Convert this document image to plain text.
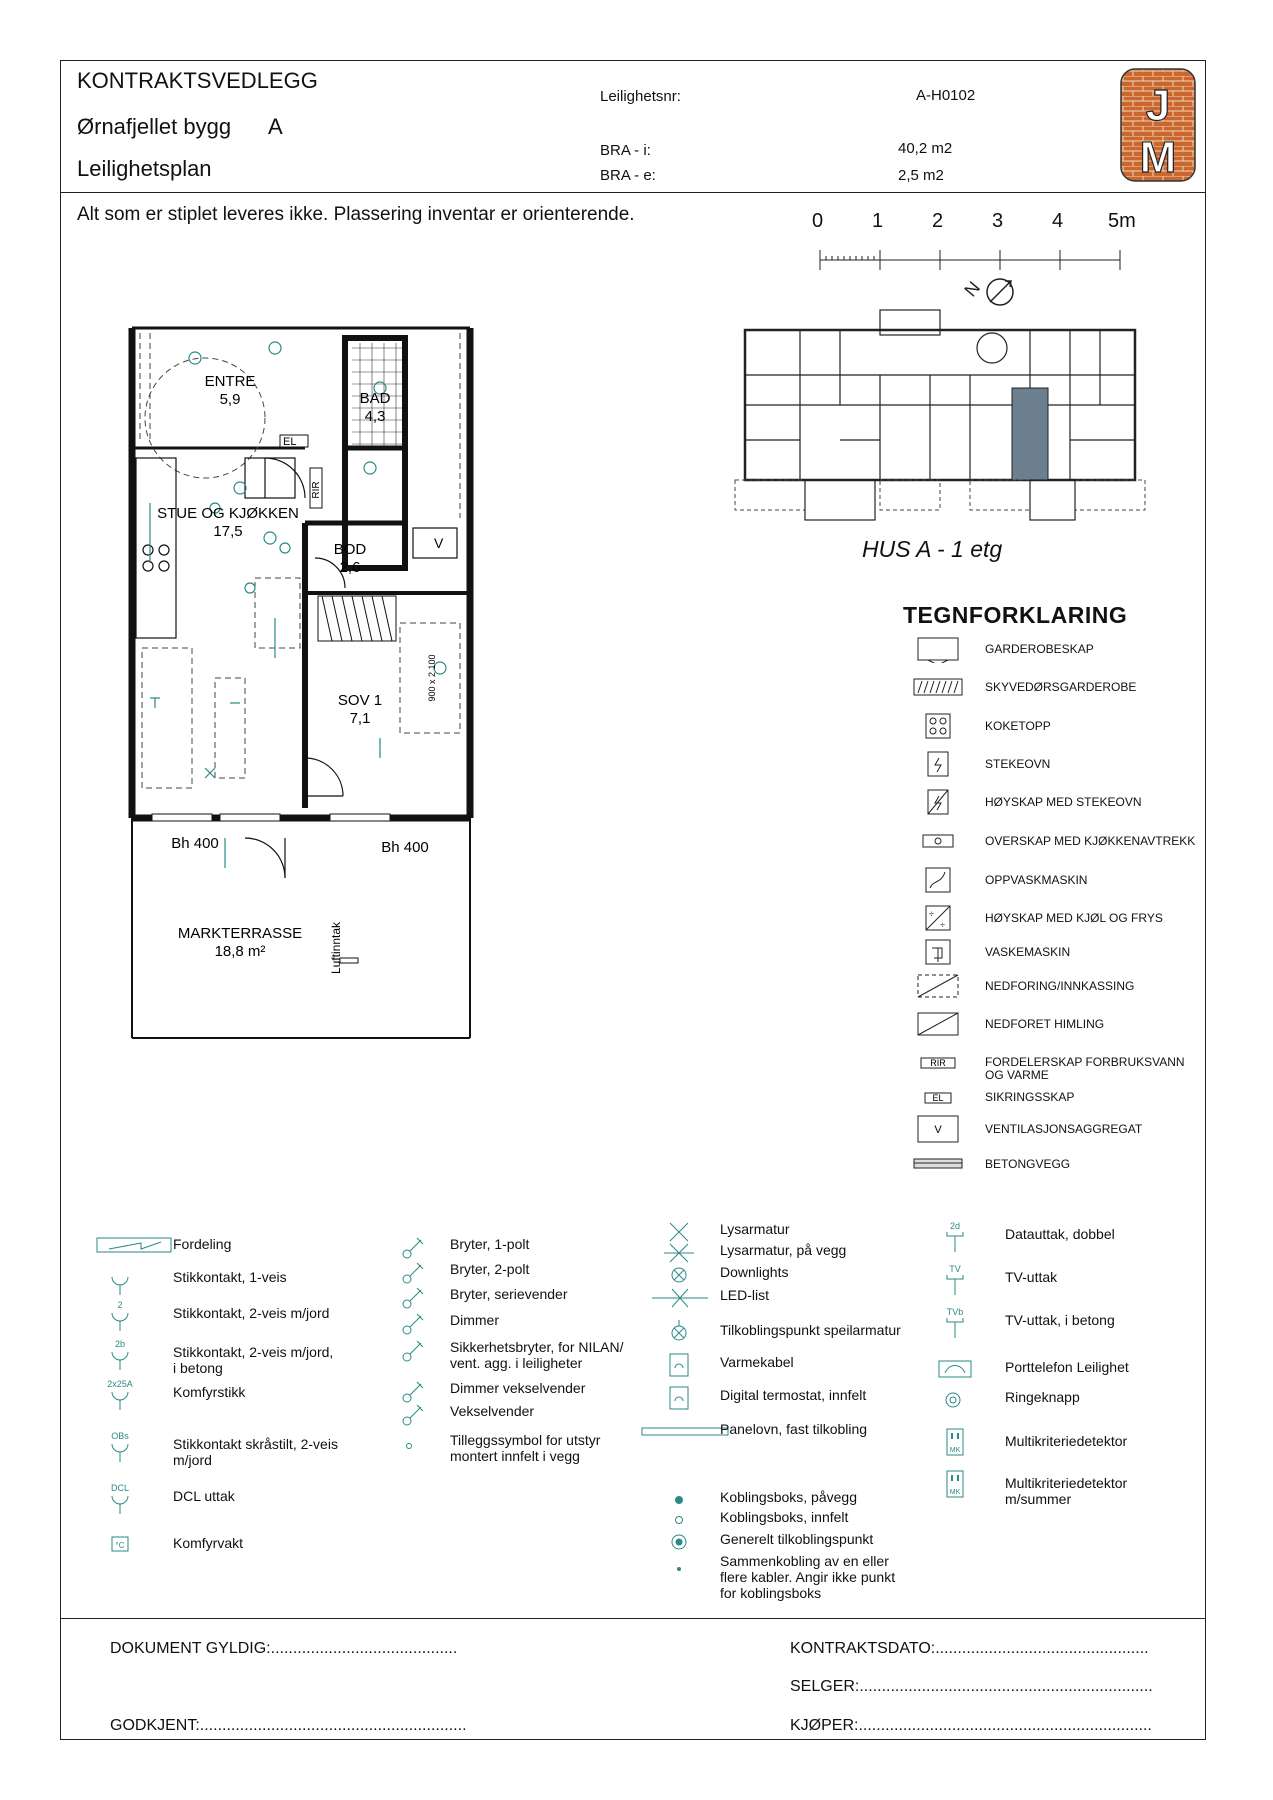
KONTRAKTSVEDLEGG
Ørnafjellet bygg A
Leilighetsplan
Leilighetsnr:	A-H0102
BRA - i:	40,2 m2
BRA - e:	2,5 m2
J
M
Alt som er stiplet leveres ikke. Plassering inventar er orienterende.	0 1 2 3 4 5m
N
HUS A - 1 etg
ENTRE
5,9	BAD
4,3
STUE OG KJØKKEN
17,5
BOD
2,6
SOV 1
7,1
MARKTERRASSE
18,8 m²
EL
RIR
V
Bh 400	Bh 400
Luftinntak
900 x 2 100
TEGNFORKLARING
GARDEROBESKAP
SKYVEDØRSGARDEROBE
KOKETOPP
STEKEOVN
HØYSKAP MED STEKEOVN
OVERSKAP MED KJØKKENAVTREKK
OPPVASKMASKIN
÷
÷	HØYSKAP MED KJØL OG FRYS
VASKEMASKIN
NEDFORING/INNKASSING
NEDFORET HIMLING
RIR	FORDELERSKAP FORBRUKSVANN
OG VARME
EL	SIKRINGSSKAP
V	VENTILASJONSAGGREGAT
BETONGVEGG
Fordeling
Stikkontakt, 1-veis
2	Stikkontakt, 2-veis m/jord
2b	Stikkontakt, 2-veis m/jord,
i betong
2x25A	Komfyrstikk
OBs	Stikkontakt skråstilt, 2-veis
m/jord
DCL	DCL uttak
°C	Komfyrvakt
Bryter, 1-polt
Bryter, 2-polt
Bryter, serievender
Dimmer
Sikkerhetsbryter, for NILAN/
vent. agg. i leiligheter
Dimmer vekselvender
Vekselvender
Tilleggssymbol for utstyr
montert innfelt i vegg
Lysarmatur
Lysarmatur, på vegg
Downlights
LED-list
Tilkoblingspunkt speilarmatur
Varmekabel
Digital termostat, innfelt
Panelovn, fast tilkobling
Koblingsboks, påvegg
Koblingsboks, innfelt
Generelt tilkoblingspunkt
Sammenkobling av en eller
flere kabler. Angir ikke punkt
for koblingsboks
2d	Datauttak, dobbel
TV	TV-uttak
TVb	TV-uttak, i betong
Porttelefon Leilighet
Ringeknapp
MK
Multikriteriedetektor
MK
Multikriteriedetektor
m/summer
DOKUMENT GYLDIG:..........................................
GODKJENT:............................................................
KONTRAKTSDATO:................................................
SELGER:..................................................................
KJØPER:..................................................................
